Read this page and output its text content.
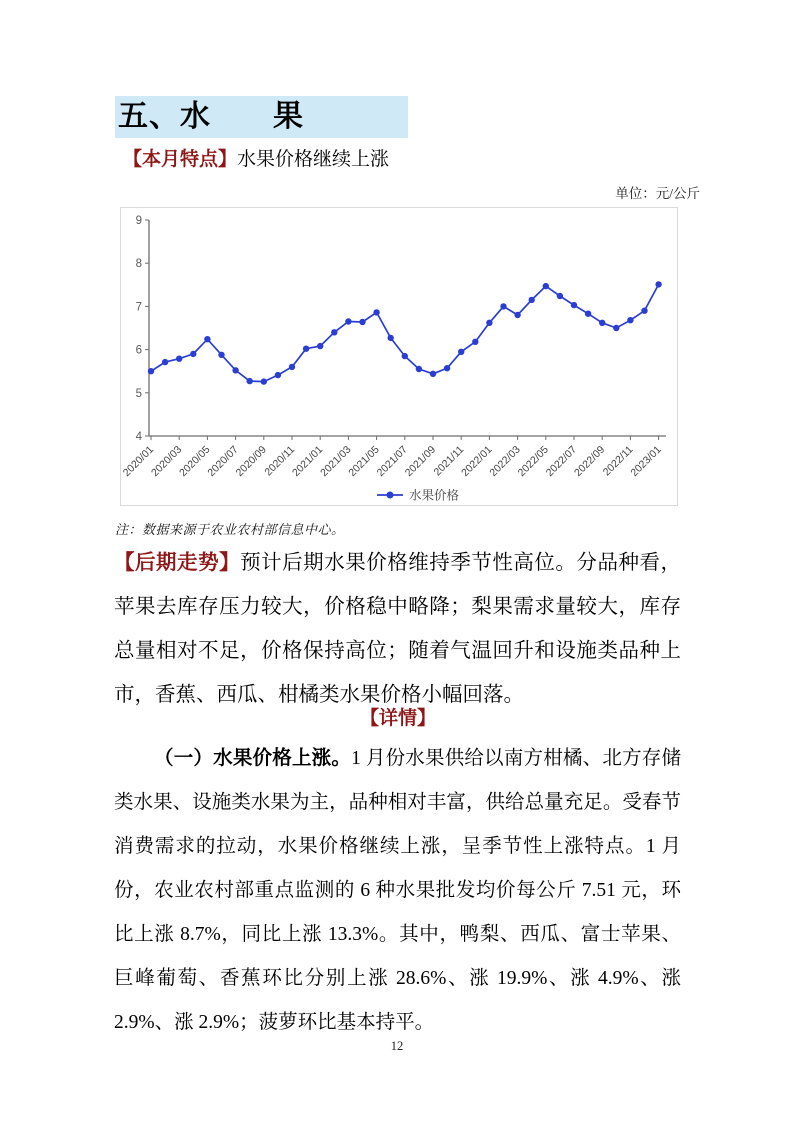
五、水　　果
【本月特点】水果价格继续上涨
单位：元/公斤
4
5
6
7
8
9
2020/01
2020/03
2020/05
2020/07
2020/09
2020/11
2021/01
2021/03
2021/05
2021/07
2021/09
2021/11
2022/01
2022/03
2022/05
2022/07
2022/09
2022/11
2023/01
水果价格
注：数据来源于农业农村部信息中心。

【后期走势】预计后期水果价格维持季节性高位。分品种看，苹果去库存压力较大，价格稳中略降；梨果需求量较大，库存总量相对不足，价格保持高位；随着气温回升和设施类品种上市，香蕉、西瓜、柑橘类水果价格小幅回落。

【详情】

（一）水果价格上涨。1 月份水果供给以南方柑橘、北方存储类水果、设施类水果为主，品种相对丰富，供给总量充足。受春节消费需求的拉动，水果价格继续上涨，呈季节性上涨特点。1 月份，农业农村部重点监测的 6 种水果批发均价每公斤 7.51 元，环比上涨 8.7%，同比上涨 13.3%。其中，鸭梨、西瓜、富士苹果、巨峰葡萄、香蕉环比分别上涨 28.6%、涨 19.9%、涨 4.9%、涨 2.9%、涨 2.9%；菠萝环比基本持平。

12
